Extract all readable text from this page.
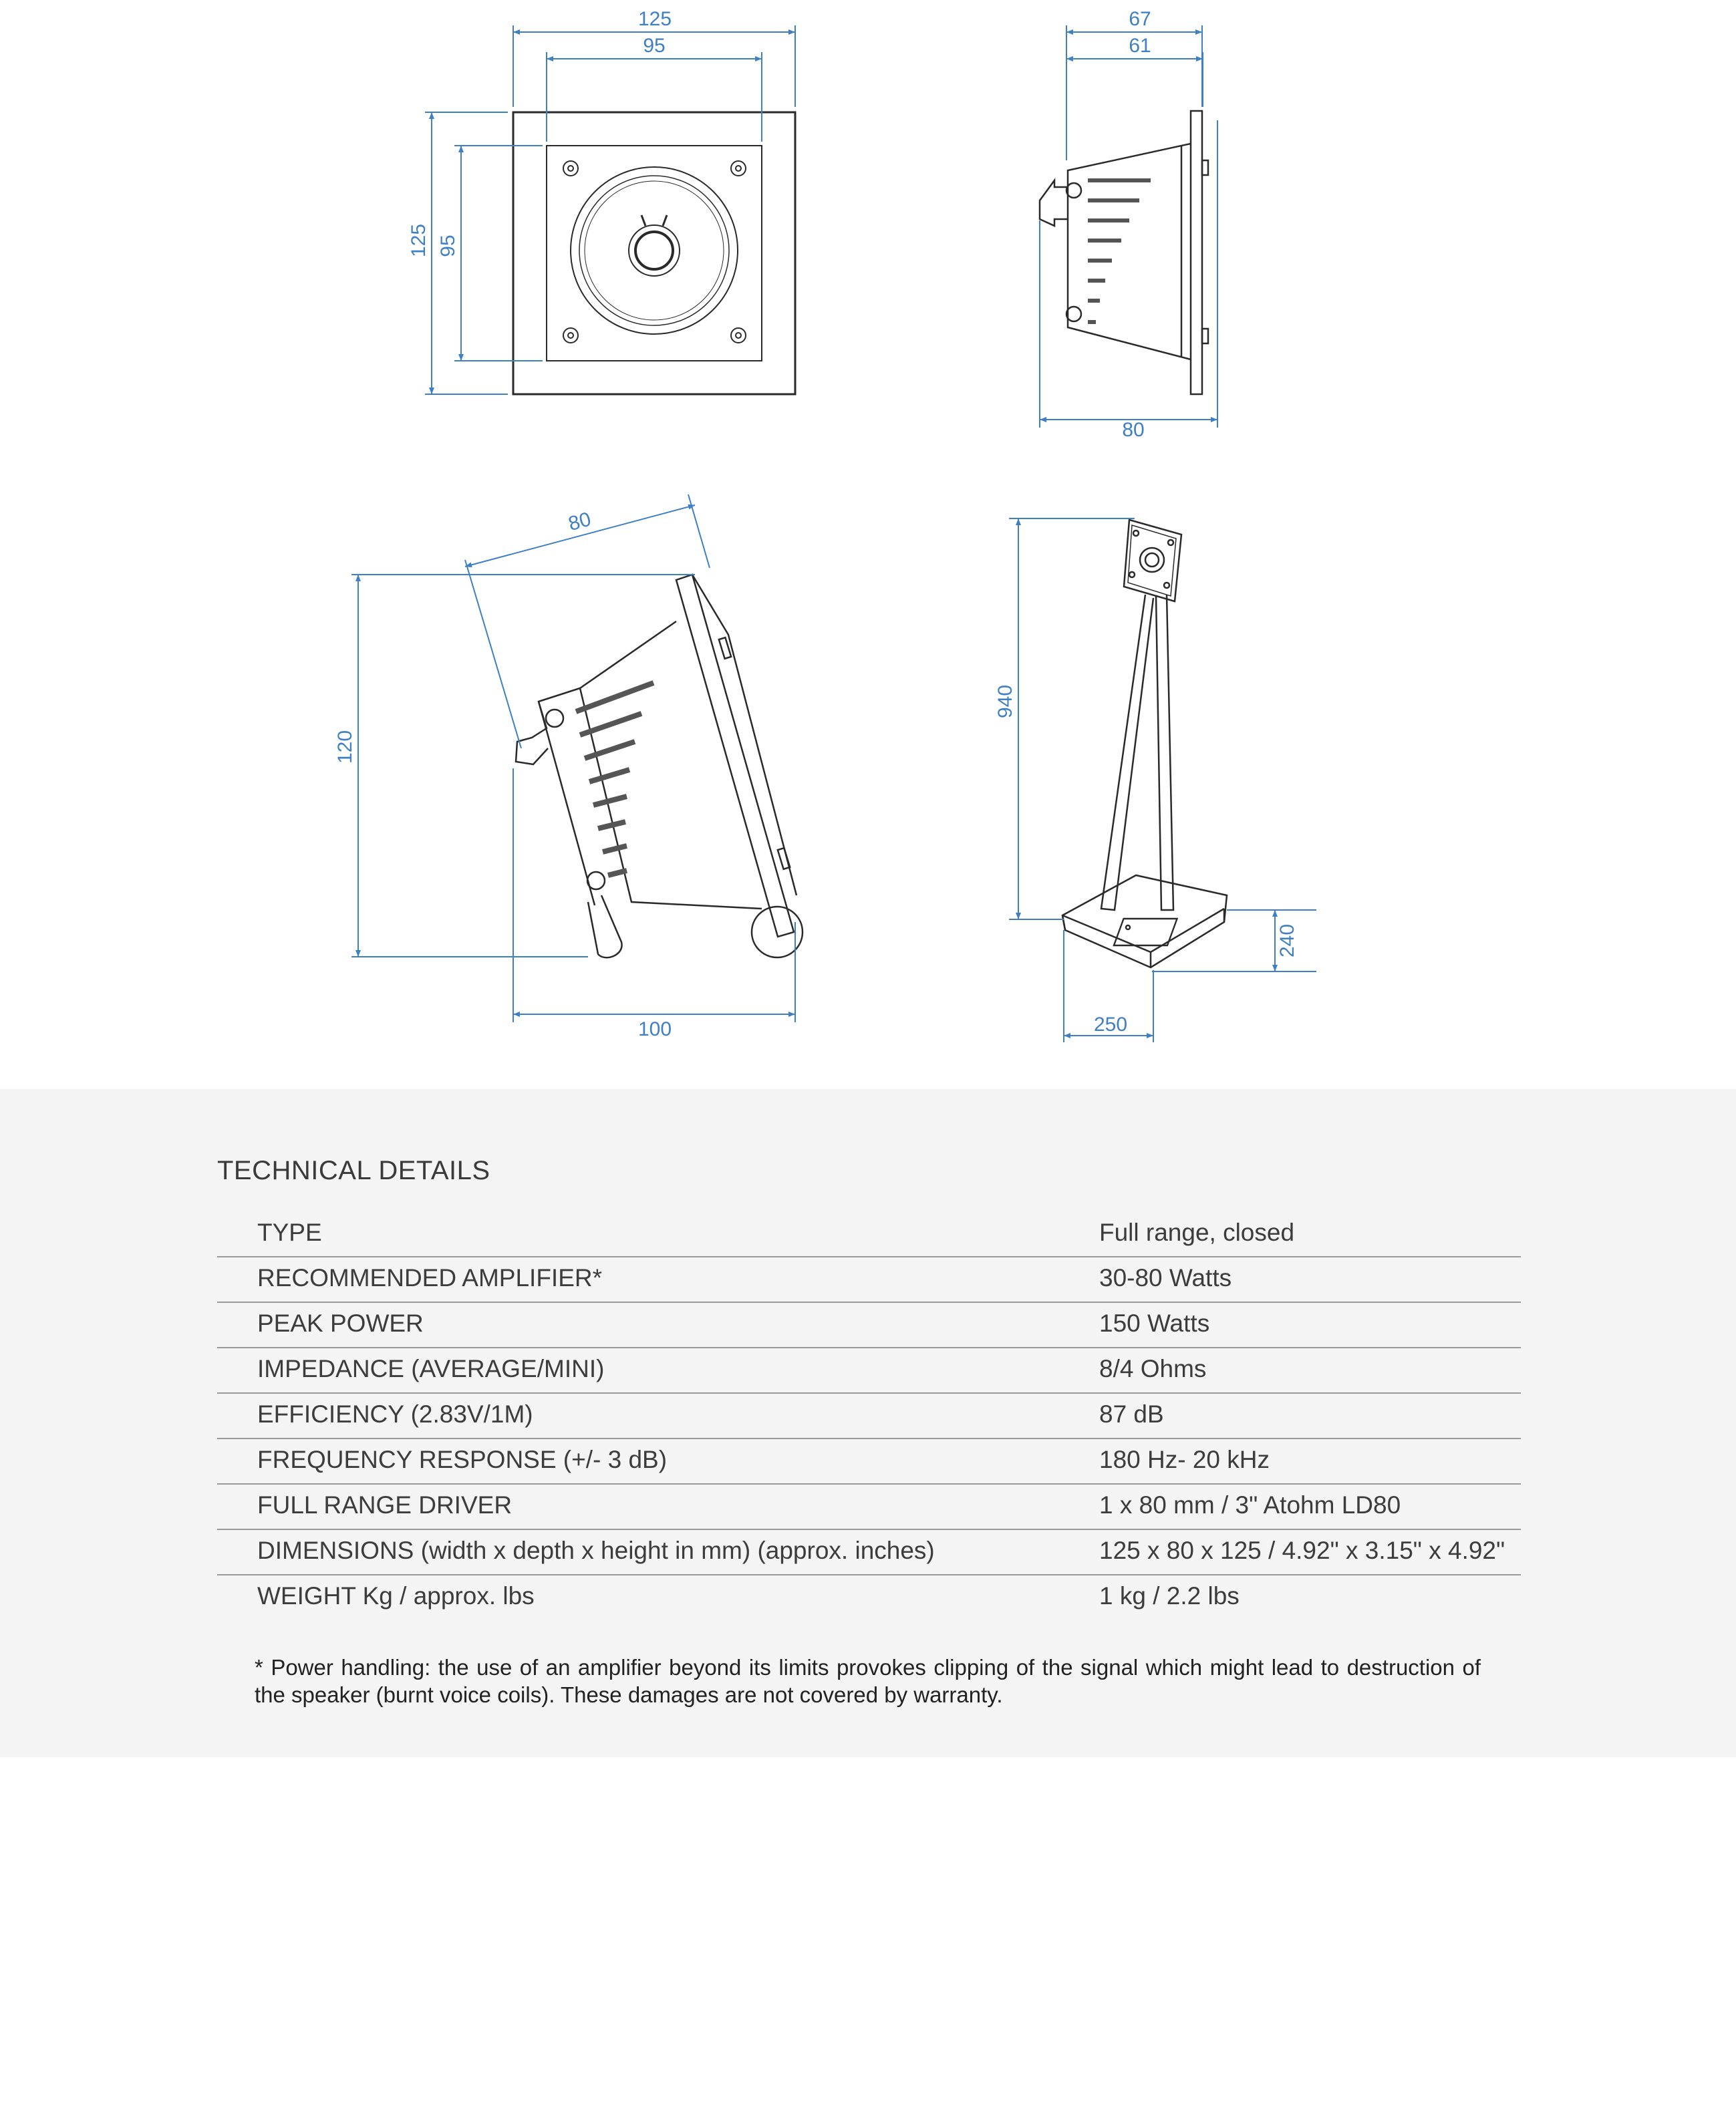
125
95
125 95
67
61
80
80
120
100
940
240
250
TECHNICAL DETAILS
TYPE	Full range, closed
RECOMMENDED AMPLIFIER*	30-80 Watts
PEAK POWER	150 Watts
IMPEDANCE (AVERAGE/MINI)	8/4 Ohms
EFFICIENCY (2.83V/1M)	87 dB
FREQUENCY RESPONSE (+/- 3 dB)	180 Hz- 20 kHz
FULL RANGE DRIVER	1 x 80 mm / 3" Atohm LD80
DIMENSIONS (width x depth x height in mm) (approx. inches)	125 x 80 x 125 / 4.92" x 3.15" x 4.92"
WEIGHT Kg / approx. lbs	1 kg / 2.2 lbs

* Power handling: the use of an amplifier beyond its limits provokes clipping of the signal which might lead to destruction of the speaker (burnt voice coils). These damages are not covered by warranty.
